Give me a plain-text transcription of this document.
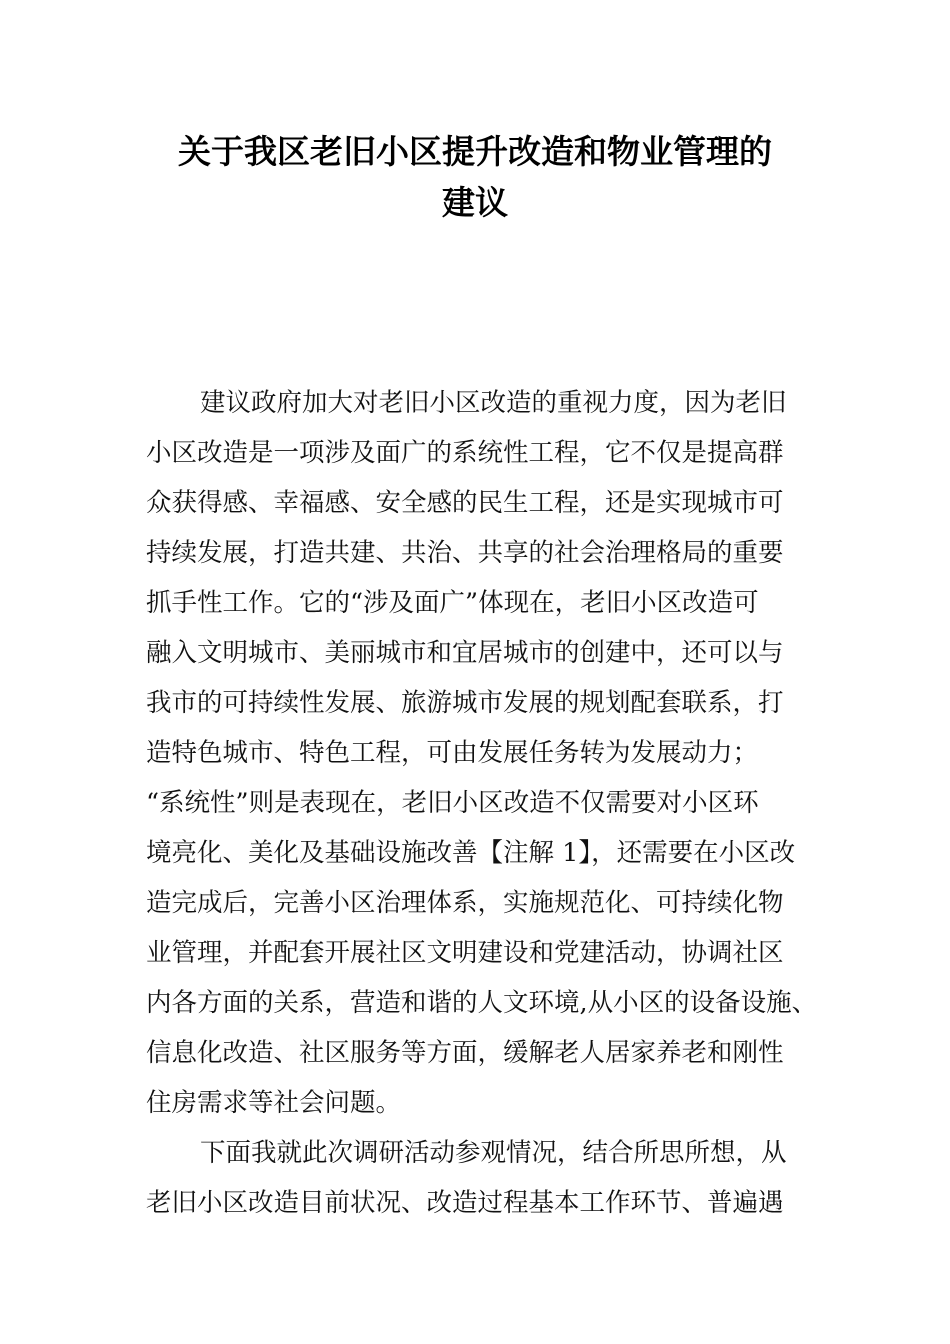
关于我区老旧小区提升改造和物业管理的
建议

建议政府加大对老旧小区改造的重视力度，因为老旧

小区改造是一项涉及面广的系统性工程，它不仅是提高群

众获得感、幸福感、安全感的民生工程，还是实现城市可

持续发展，打造共建、共治、共享的社会治理格局的重要

抓手性工作。它的“涉及面广”体现在，老旧小区改造可

融入文明城市、美丽城市和宜居城市的创建中，还可以与

我市的可持续性发展、旅游城市发展的规划配套联系，打

造特色城市、特色工程，可由发展任务转为发展动力；

“系统性”则是表现在，老旧小区改造不仅需要对小区环

境亮化、美化及基础设施改善【注解 1】，还需要在小区改

造完成后，完善小区治理体系，实施规范化、可持续化物

业管理，并配套开展社区文明建设和党建活动，协调社区

内各方面的关系，营造和谐的人文环境,从小区的设备设施、

信息化改造、社区服务等方面，缓解老人居家养老和刚性

住房需求等社会问题。

下面我就此次调研活动参观情况，结合所思所想，从

老旧小区改造目前状况、改造过程基本工作环节、普遍遇
